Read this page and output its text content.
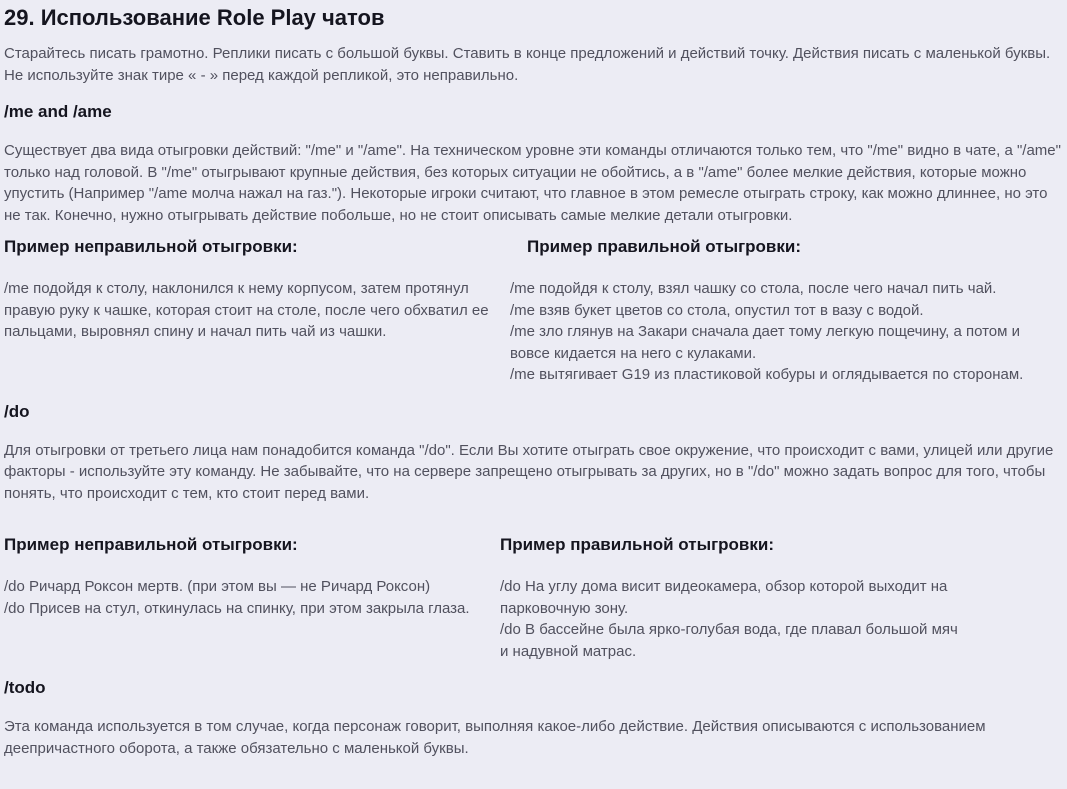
29. Использование Role Play чатов

Старайтесь писать грамотно. Реплики писать с большой буквы. Ставить в конце предложений и действий точку. Действия писать с маленькой буквы. Не используйте знак тире « - » перед каждой репликой, это неправильно.

/me and /ame

Существует два вида отыгровки действий: "/me" и "/ame". На техническом уровне эти команды отличаются только тем, что "/me" видно в чате, а "/ame" только над головой. В "/me" отыгрывают крупные действия, без которых ситуации не обойтись, а в "/ame" более мелкие действия, которые можно упустить (Например "/ame молча нажал на газ."). Некоторые игроки считают, что главное в этом ремесле отыграть строку, как можно длиннее, но это не так. Конечно, нужно отыгрывать действие побольше, но не стоит описывать самые мелкие детали отыгровки.

Пример неправильной отыгровки:
/me подойдя к столу, наклонился к нему корпусом, затем протянул правую руку к чашке, которая стоит на столе, после чего обхватил ее пальцами, выровнял спину и начал пить чай из чашки.
Пример правильной отыгровки:
/me подойдя к столу, взял чашку со стола, после чего начал пить чай.
/me взяв букет цветов со стола, опустил тот в вазу с водой.
/me зло глянув на Закари сначала дает тому легкую пощечину, а потом и вовсе кидается на него с кулаками.
/me вытягивает G19 из пластиковой кобуры и оглядывается по сторонам.
/do

Для отыгровки от третьего лица нам понадобится команда "/do". Если Вы хотите отыграть свое окружение, что происходит с вами, улицей или другие факторы - используйте эту команду. Не забывайте, что на сервере запрещено отыгрывать за других, но в "/do" можно задать вопрос для того, чтобы понять, что происходит с тем, кто стоит перед вами.

Пример неправильной отыгровки:
/do Ричард Роксон мертв. (при этом вы — не Ричард Роксон)
/do Присев на стул, откинулась на спинку, при этом закрыла глаза.
Пример правильной отыгровки:
/do На углу дома висит видеокамера, обзор которой выходит на парковочную зону.
/do В бассейне была ярко-голубая вода, где плавал большой мяч и надувной матрас.
/todo

Эта команда используется в том случае, когда персонаж говорит, выполняя какое-либо действие. Действия описываются с использованием деепричастного оборота, а также обязательно с маленькой буквы.
